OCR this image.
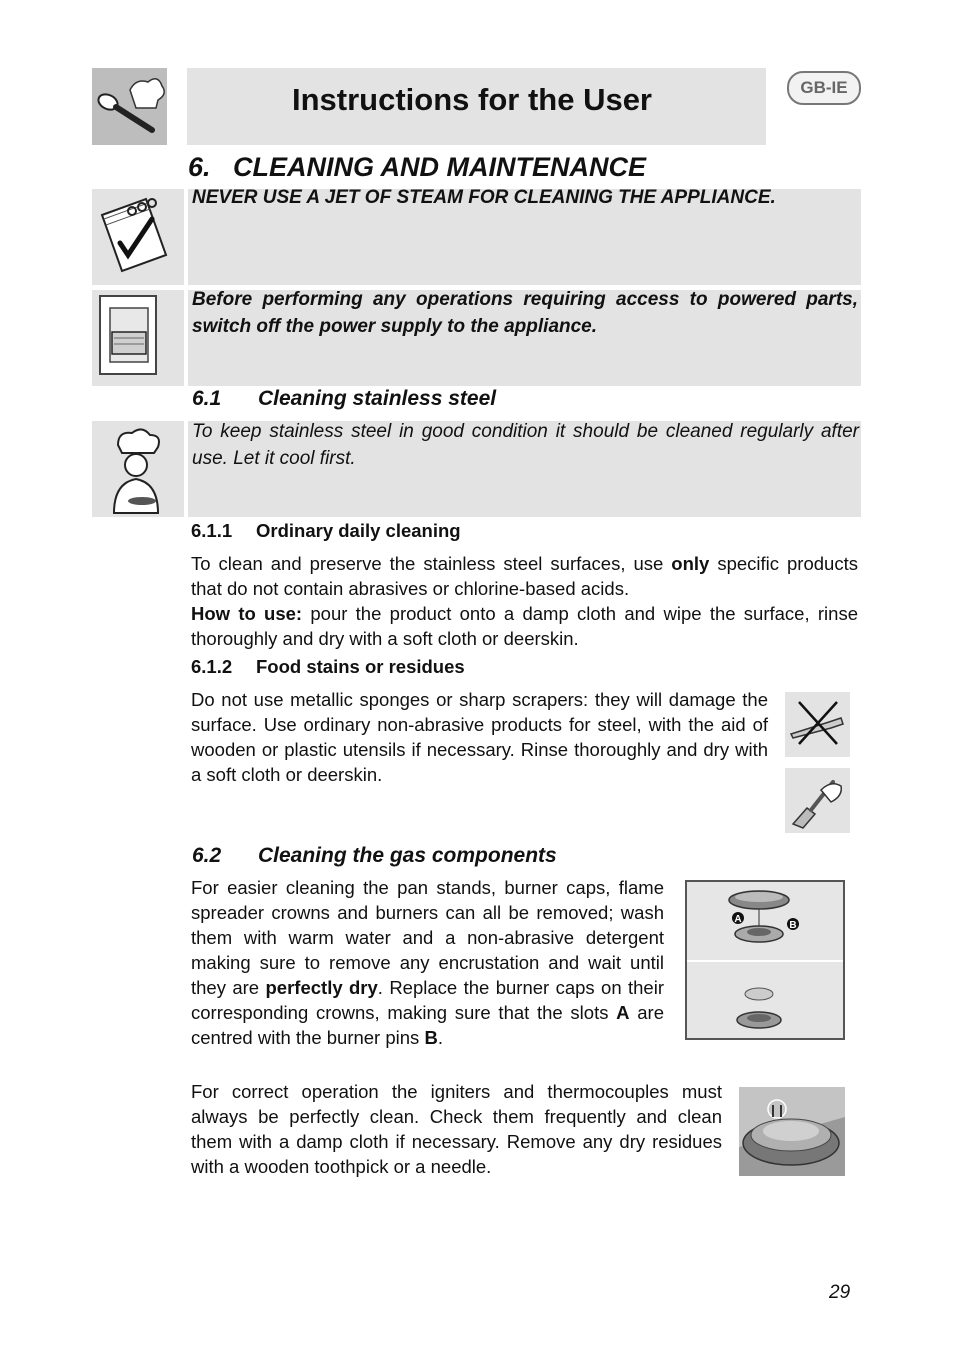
Instructions for the User	GB-IE
6. CLEANING AND MAINTENANCE
NEVER USE A JET OF STEAM FOR CLEANING THE APPLIANCE.
Before performing any operations requiring access to powered parts, switch off the power supply to the appliance.
6.1 Cleaning stainless steel
To keep stainless steel in good condition it should be cleaned regularly after use. Let it cool first.
6.1.1 Ordinary daily cleaning
To clean and preserve the stainless steel surfaces, use only specific products that do not contain abrasives or chlorine-based acids.
How to use: pour the product onto a damp cloth and wipe the surface, rinse thoroughly and dry with a soft cloth or deerskin.
6.1.2 Food stains or residues
Do not use metallic sponges or sharp scrapers: they will damage the surface. Use ordinary non-abrasive products for steel, with the aid of wooden or plastic utensils if necessary. Rinse thoroughly and dry with a soft cloth or deerskin.
6.2 Cleaning the gas components
For easier cleaning the pan stands, burner caps, flame spreader crowns and burners can all be removed; wash them with warm water and a non-abrasive detergent making sure to remove any encrustation and wait until they are perfectly dry. Replace the burner caps on their corresponding crowns, making sure that the slots A are centred with the burner pins B.
A
B
For correct operation the igniters and thermocouples must always be perfectly clean. Check them frequently and clean them with a damp cloth if necessary. Remove any dry residues with a wooden toothpick or a needle.
29
